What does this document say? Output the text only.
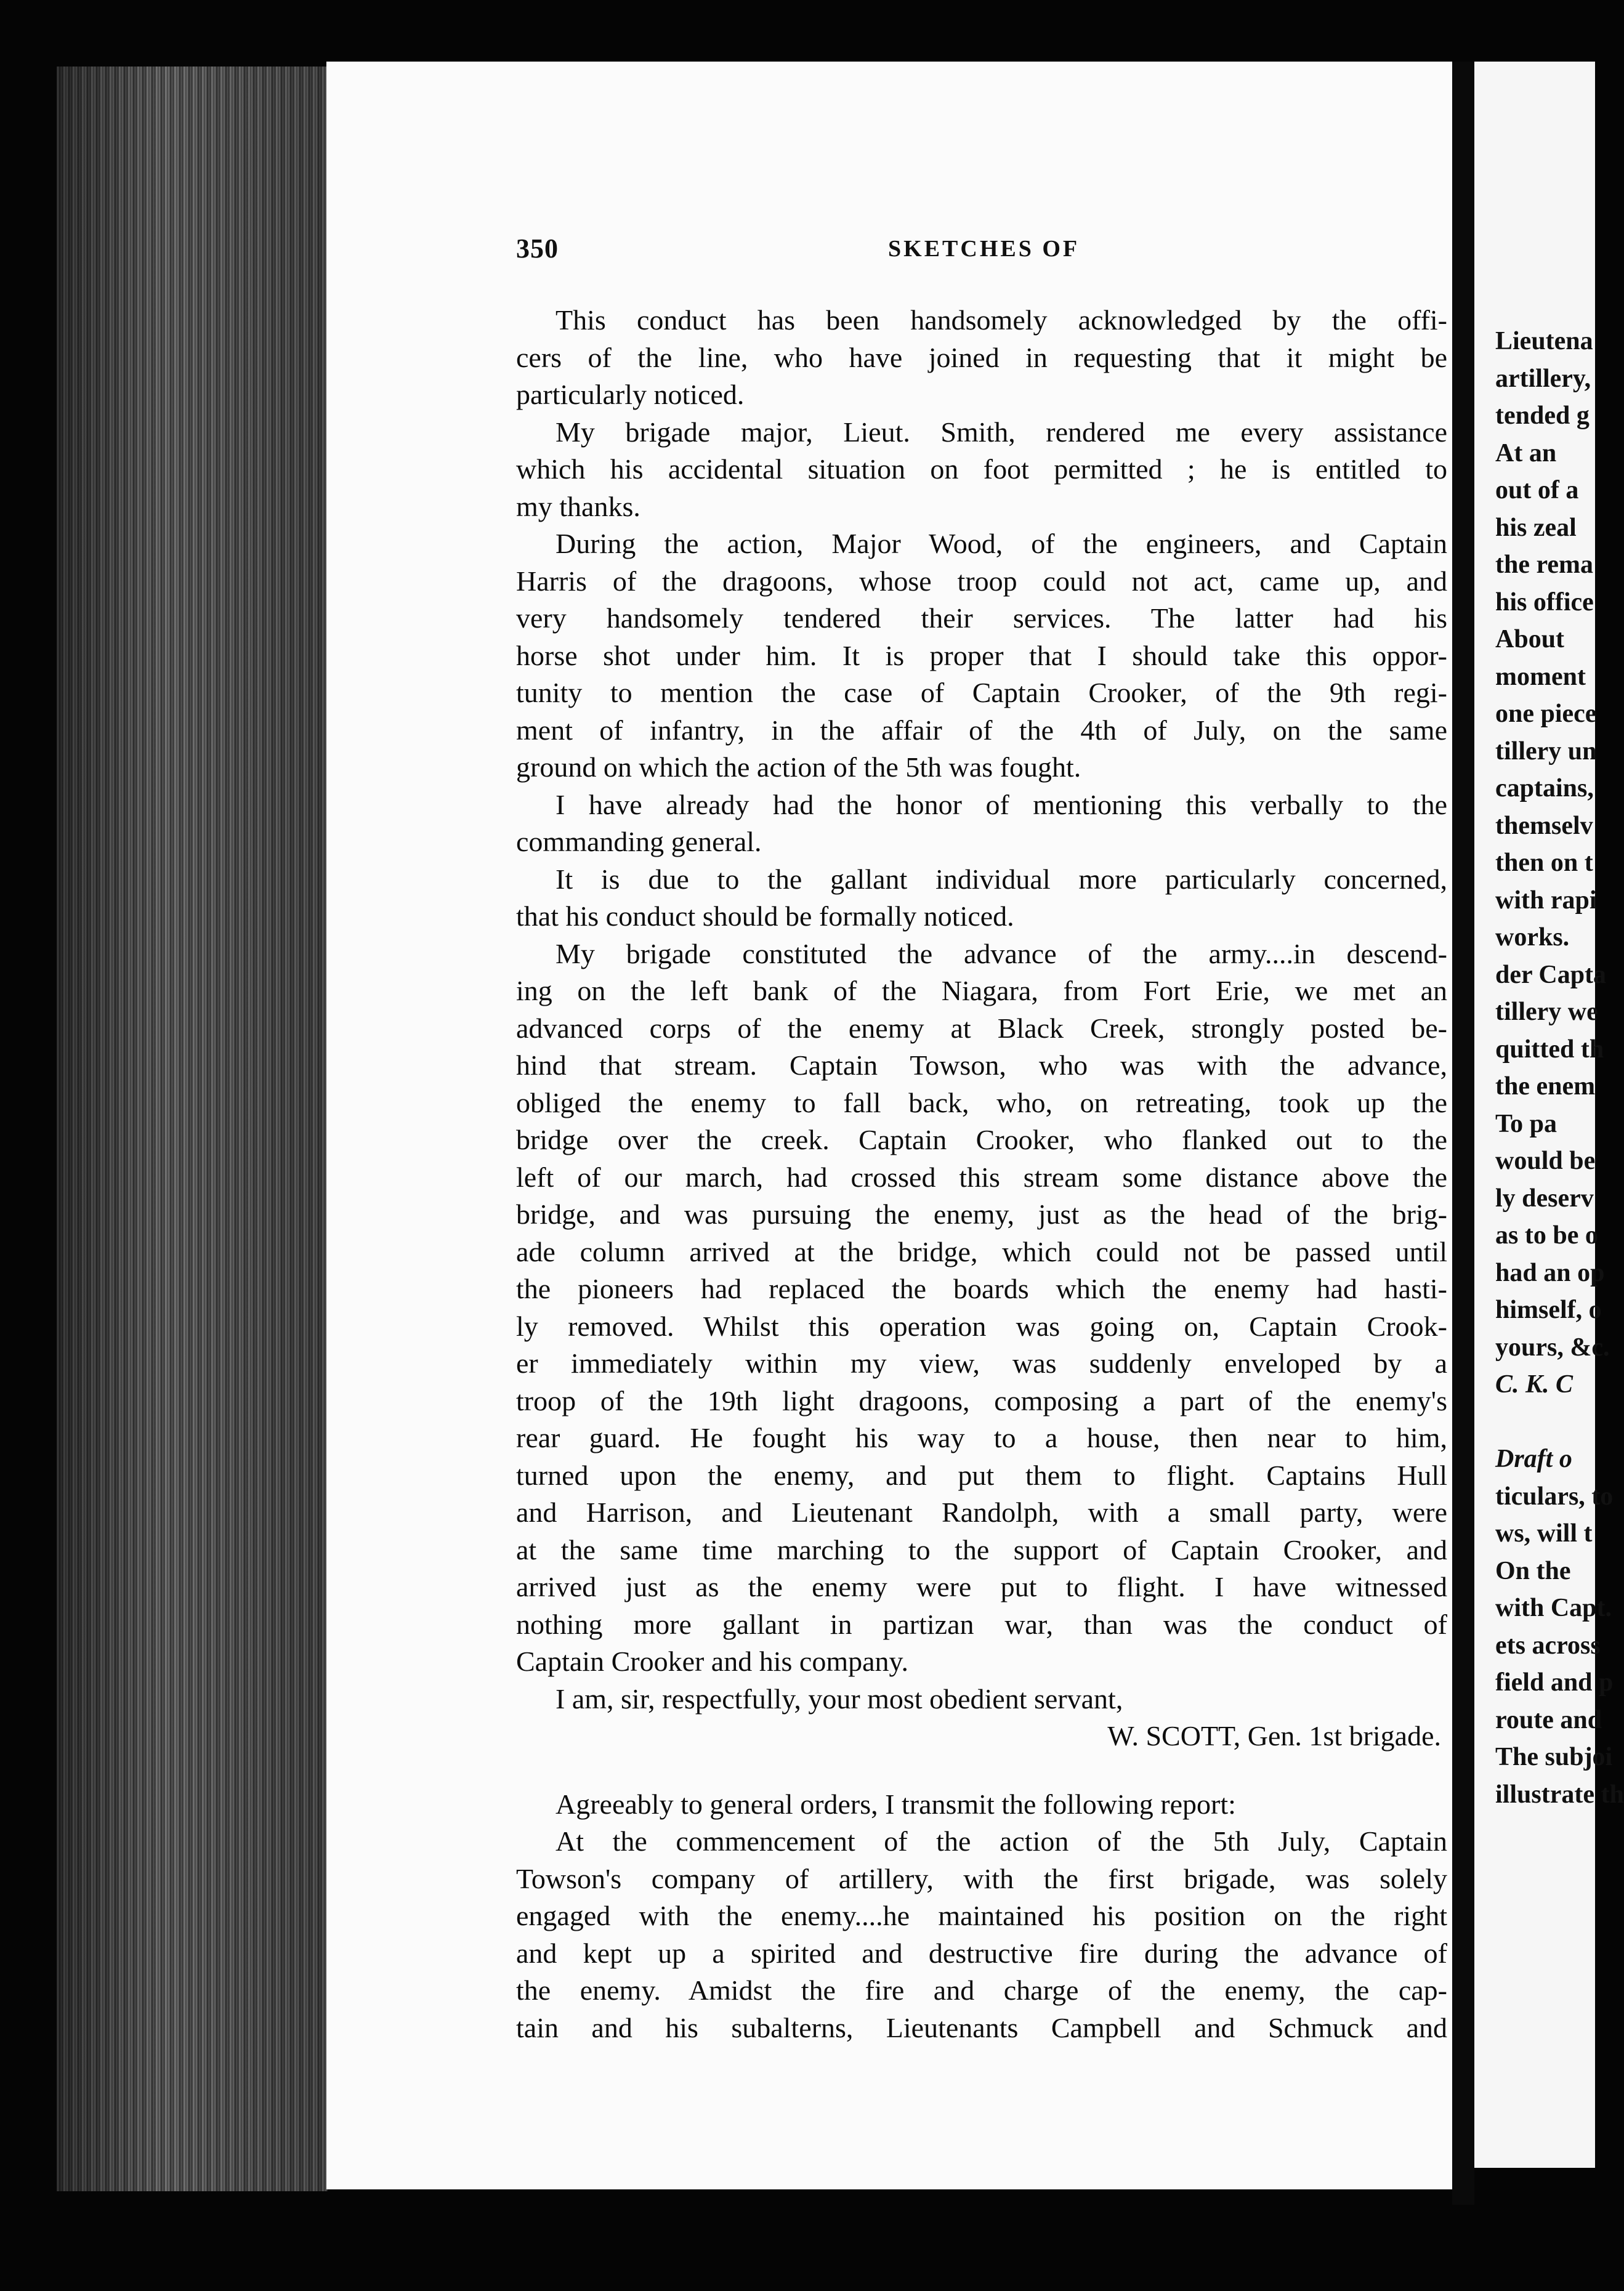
350	SKETCHES OF
This conduct has been handsomely acknowledged by the offi-
cers of the line, who have joined in requesting that it might be
particularly noticed.
My brigade major, Lieut. Smith, rendered me every assistance
which his accidental situation on foot permitted ; he is entitled to
my thanks.
During the action, Major Wood, of the engineers, and Captain
Harris of the dragoons, whose troop could not act, came up, and
very handsomely tendered their services. The latter had his
horse shot under him. It is proper that I should take this oppor-
tunity to mention the case of Captain Crooker, of the 9th regi-
ment of infantry, in the affair of the 4th of July, on the same
ground on which the action of the 5th was fought.
I have already had the honor of mentioning this verbally to the
commanding general.
It is due to the gallant individual more particularly concerned,
that his conduct should be formally noticed.
My brigade constituted the advance of the army....in descend-
ing on the left bank of the Niagara, from Fort Erie, we met an
advanced corps of the enemy at Black Creek, strongly posted be-
hind that stream. Captain Towson, who was with the advance,
obliged the enemy to fall back, who, on retreating, took up the
bridge over the creek. Captain Crooker, who flanked out to the
left of our march, had crossed this stream some distance above the
bridge, and was pursuing the enemy, just as the head of the brig-
ade column arrived at the bridge, which could not be passed until
the pioneers had replaced the boards which the enemy had hasti-
ly removed. Whilst this operation was going on, Captain Crook-
er immediately within my view, was suddenly enveloped by a
troop of the 19th light dragoons, composing a part of the enemy's
rear guard. He fought his way to a house, then near to him,
turned upon the enemy, and put them to flight. Captains Hull
and Harrison, and Lieutenant Randolph, with a small party, were
at the same time marching to the support of Captain Crooker, and
arrived just as the enemy were put to flight. I have witnessed
nothing more gallant in partizan war, than was the conduct of
Captain Crooker and his company.
I am, sir, respectfully, your most obedient servant,
W. SCOTT, Gen. 1st brigade.
Agreeably to general orders, I transmit the following report:
At the commencement of the action of the 5th July, Captain
Towson's company of artillery, with the first brigade, was solely
engaged with the enemy....he maintained his position on the right
and kept up a spirited and destructive fire during the advance of
the enemy. Amidst the fire and charge of the enemy, the cap-
tain and his subalterns, Lieutenants Campbell and Schmuck and
Lieutena
artillery,
tended g
At an
out of a
his zeal
the rema
his office
About
moment
one piece
tillery un
captains,
themselv
then on t
with rapi
works.
der Capta
tillery we
quitted th
the enem
To pa
would be
ly deserv
as to be o
had an op
himself, o
yours, &c.
C. K. C
Draft o
ticulars, to
ws, will t
On the
with Capt.
ets across
field and p
route and
The subjoi
illustrate th
